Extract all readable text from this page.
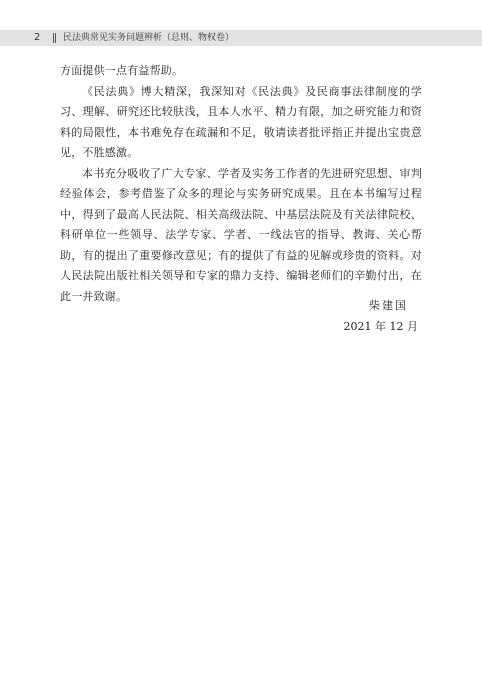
2	民法典常见实务问题辨析（总则、物权卷）

方面提供一点有益帮助。

《民法典》博大精深，我深知对《民法典》及民商事法律制度的学习、理解、研究还比较肤浅，且本人水平、精力有限，加之研究能力和资料的局限性，本书难免存在疏漏和不足，敬请读者批评指正并提出宝贵意见，不胜感激。

本书充分吸收了广大专家、学者及实务工作者的先进研究思想、审判经验体会，参考借鉴了众多的理论与实务研究成果。且在本书编写过程中，得到了最高人民法院、相关高级法院、中基层法院及有关法律院校、科研单位一些领导、法学专家、学者、一线法官的指导、教诲、关心帮助，有的提出了重要修改意见；有的提供了有益的见解或珍贵的资料。对人民法院出版社相关领导和专家的鼎力支持、编辑老师们的辛勤付出，在此一并致谢。

柴建国
2021 年 12 月
